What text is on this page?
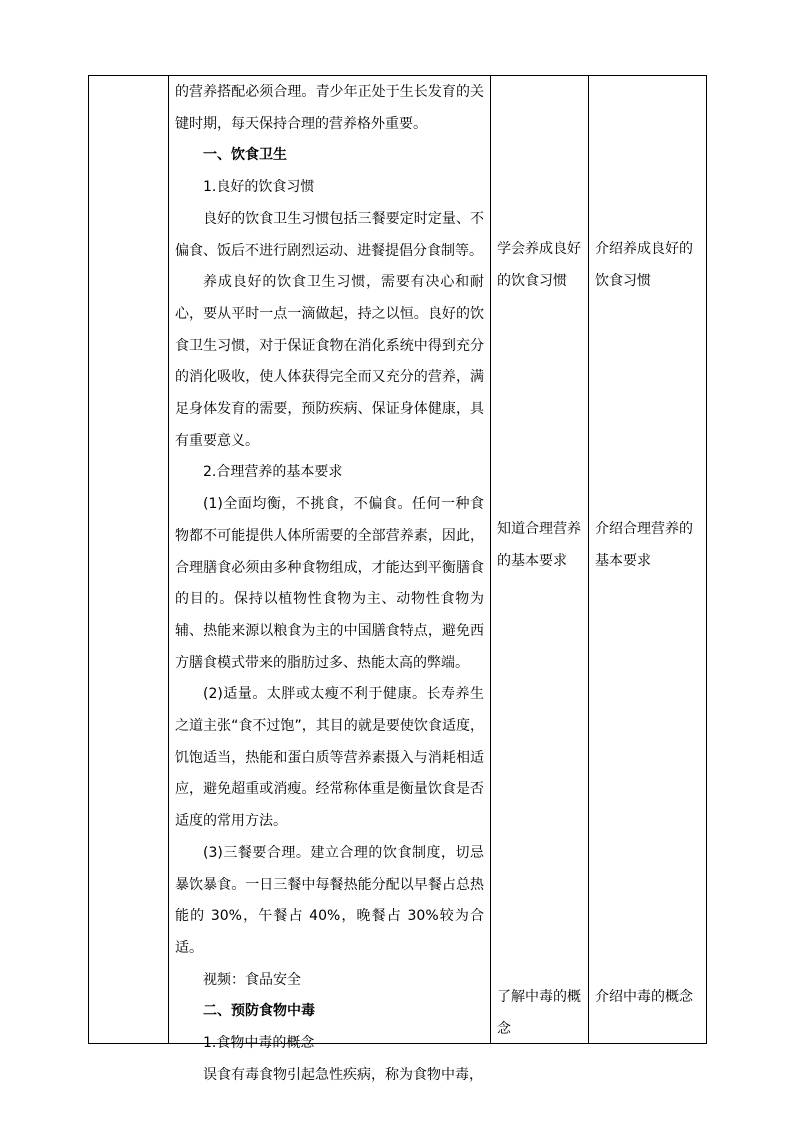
的营养搭配必须合理。青少年正处于生长发育的关键时期，每天保持合理的营养格外重要。

一、饮食卫生

1.良好的饮食习惯

良好的饮食卫生习惯包括三餐要定时定量、不偏食、饭后不进行剧烈运动、进餐提倡分食制等。

养成良好的饮食卫生习惯，需要有决心和耐心，要从平时一点一滴做起，持之以恒。良好的饮食卫生习惯，对于保证食物在消化系统中得到充分的消化吸收，使人体获得完全而又充分的营养，满足身体发育的需要，预防疾病、保证身体健康，具有重要意义。

2.合理营养的基本要求

(1)全面均衡，不挑食，不偏食。任何一种食物都不可能提供人体所需要的全部营养素，因此，合理膳食必须由多种食物组成，才能达到平衡膳食的目的。保持以植物性食物为主、动物性食物为辅、热能来源以粮食为主的中国膳食特点，避免西方膳食模式带来的脂肪过多、热能太高的弊端。

(2)适量。太胖或太瘦不利于健康。长寿养生之道主张“食不过饱”，其目的就是要使饮食适度，饥饱适当，热能和蛋白质等营养素摄入与消耗相适应，避免超重或消瘦。经常称体重是衡量饮食是否适度的常用方法。

(3)三餐要合理。建立合理的饮食制度，切忌暴饮暴食。一日三餐中每餐热能分配以早餐占总热能的 30%，午餐占 40%，晚餐占 30%较为合适。

视频：食品安全

二、预防食物中毒

1.食物中毒的概念

误食有毒食物引起急性疾病，称为食物中毒，

学会养成良好的饮食习惯
知道合理营养的基本要求
了解中毒的概念
介绍养成良好的饮食习惯
介绍合理营养的基本要求
介绍中毒的概念
